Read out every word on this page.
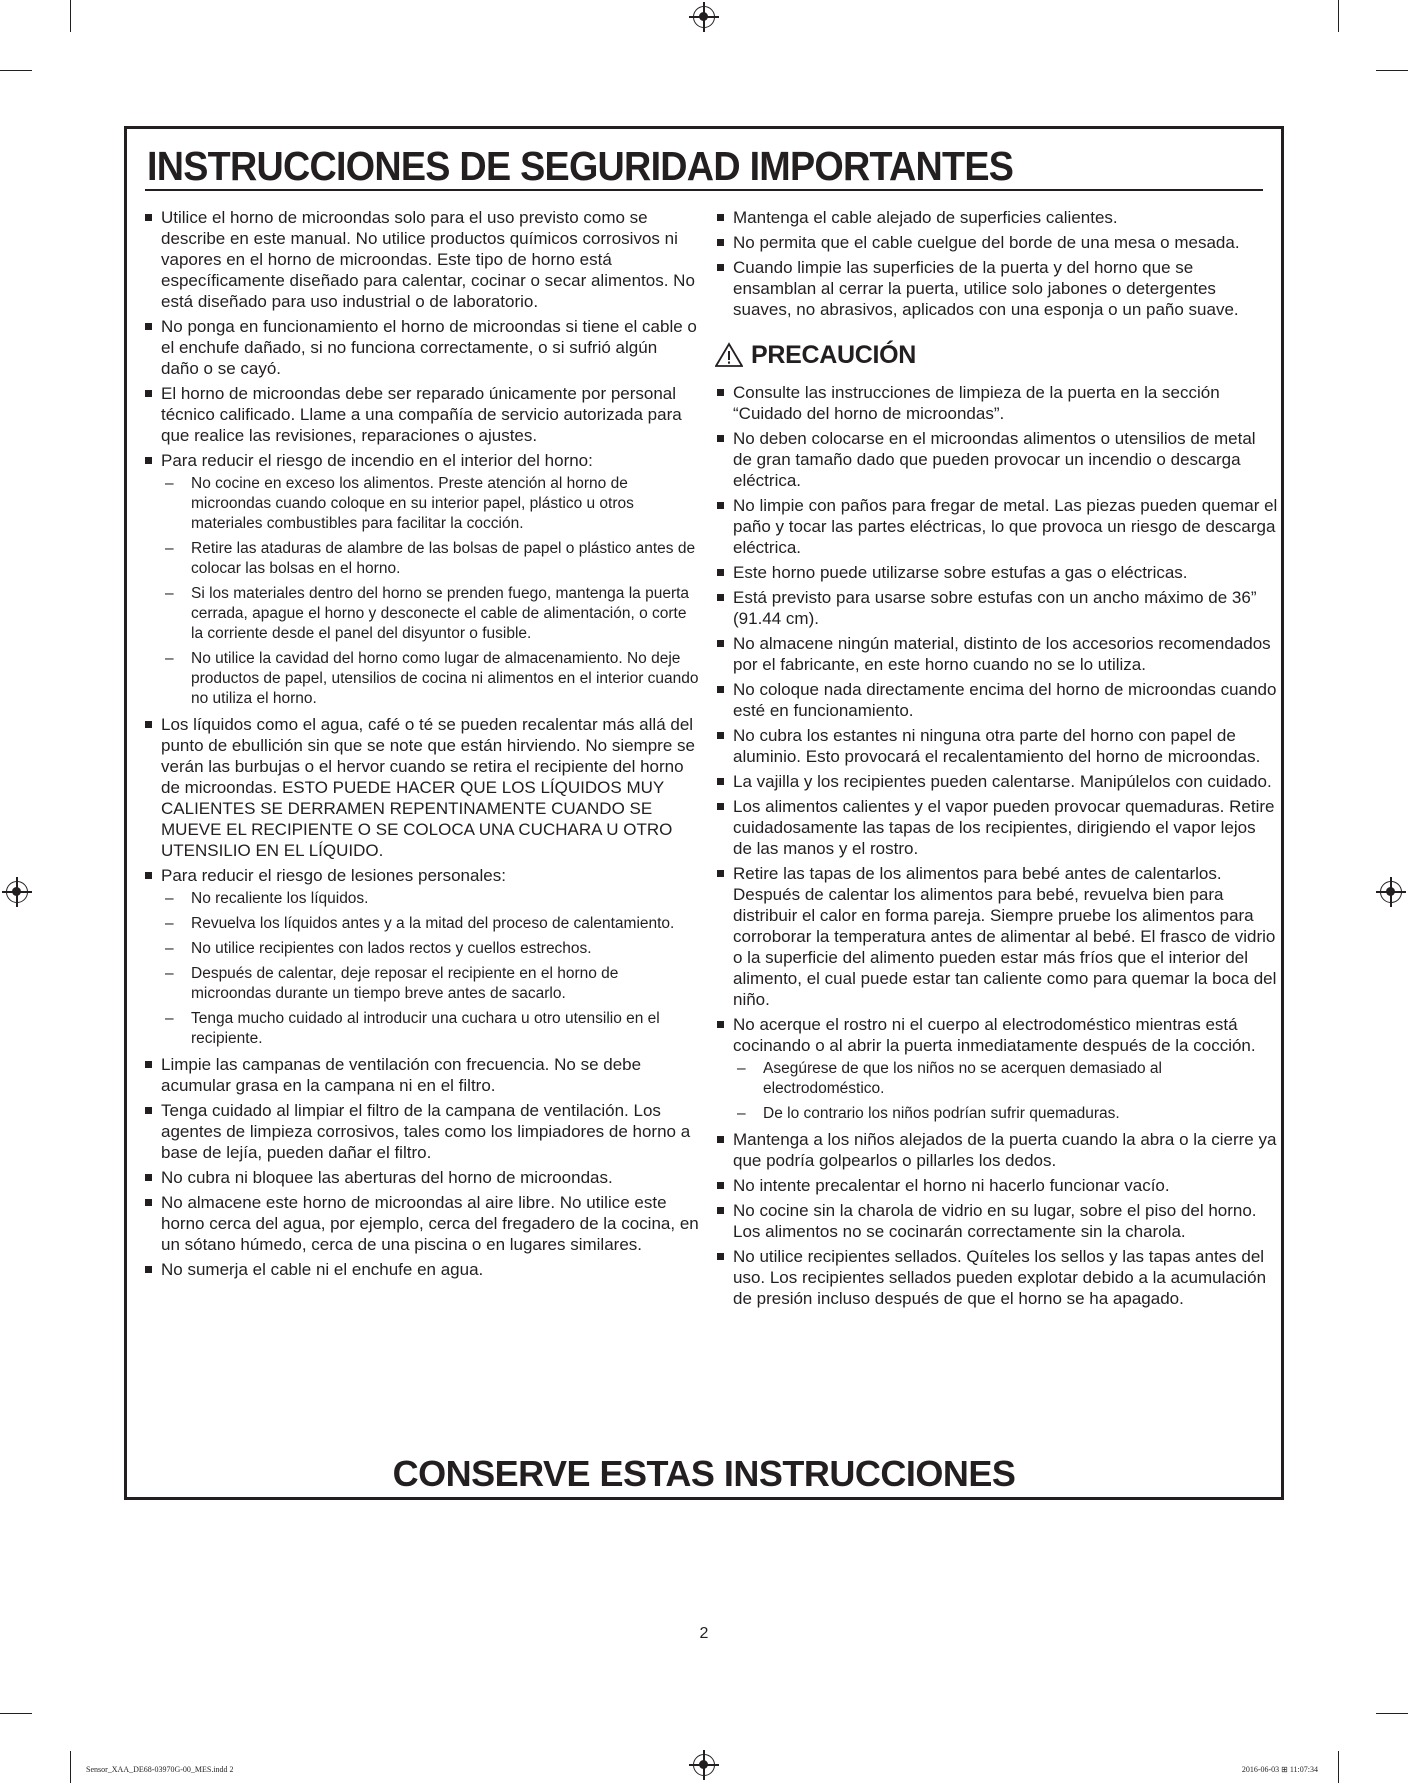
INSTRUCCIONES DE SEGURIDAD IMPORTANTES
Utilice el horno de microondas solo para el uso previsto como se describe en este manual. No utilice productos químicos corrosivos ni vapores en el horno de microondas. Este tipo de horno está específicamente diseñado para calentar, cocinar o secar alimentos. No está diseñado para uso industrial o de laboratorio.
No ponga en funcionamiento el horno de microondas si tiene el cable o el enchufe dañado, si no funciona correctamente, o si sufrió algún daño o se cayó.
El horno de microondas debe ser reparado únicamente por personal técnico calificado. Llame a una compañía de servicio autorizada para que realice las revisiones, reparaciones o ajustes.
Para reducir el riesgo de incendio en el interior del horno:
– No cocine en exceso los alimentos. Preste atención al horno de microondas cuando coloque en su interior papel, plástico u otros materiales combustibles para facilitar la cocción.
– Retire las ataduras de alambre de las bolsas de papel o plástico antes de colocar las bolsas en el horno.
– Si los materiales dentro del horno se prenden fuego, mantenga la puerta cerrada, apague el horno y desconecte el cable de alimentación, o corte la corriente desde el panel del disyuntor o fusible.
– No utilice la cavidad del horno como lugar de almacenamiento. No deje productos de papel, utensilios de cocina ni alimentos en el interior cuando no utiliza el horno.
Los líquidos como el agua, café o té se pueden recalentar más allá del punto de ebullición sin que se note que están hirviendo. No siempre se verán las burbujas o el hervor cuando se retira el recipiente del horno de microondas. ESTO PUEDE HACER QUE LOS LÍQUIDOS MUY CALIENTES SE DERRAMEN REPENTINAMENTE CUANDO SE MUEVE EL RECIPIENTE O SE COLOCA UNA CUCHARA U OTRO UTENSILIO EN EL LÍQUIDO.
Para reducir el riesgo de lesiones personales:
– No recaliente los líquidos.
– Revuelva los líquidos antes y a la mitad del proceso de calentamiento.
– No utilice recipientes con lados rectos y cuellos estrechos.
– Después de calentar, deje reposar el recipiente en el horno de microondas durante un tiempo breve antes de sacarlo.
– Tenga mucho cuidado al introducir una cuchara u otro utensilio en el recipiente.
Limpie las campanas de ventilación con frecuencia. No se debe acumular grasa en la campana ni en el filtro.
Tenga cuidado al limpiar el filtro de la campana de ventilación. Los agentes de limpieza corrosivos, tales como los limpiadores de horno a base de lejía, pueden dañar el filtro.
No cubra ni bloquee las aberturas del horno de microondas.
No almacene este horno de microondas al aire libre. No utilice este horno cerca del agua, por ejemplo, cerca del fregadero de la cocina, en un sótano húmedo, cerca de una piscina o en lugares similares.
No sumerja el cable ni el enchufe en agua.
Mantenga el cable alejado de superficies calientes.
No permita que el cable cuelgue del borde de una mesa o mesada.
Cuando limpie las superficies de la puerta y del horno que se ensamblan al cerrar la puerta, utilice solo jabones o detergentes suaves, no abrasivos, aplicados con una esponja o un paño suave.
PRECAUCIÓN
Consulte las instrucciones de limpieza de la puerta en la sección “Cuidado del horno de microondas”.
No deben colocarse en el microondas alimentos o utensilios de metal de gran tamaño dado que pueden provocar un incendio o descarga eléctrica.
No limpie con paños para fregar de metal. Las piezas pueden quemar el paño y tocar las partes eléctricas, lo que provoca un riesgo de descarga eléctrica.
Este horno puede utilizarse sobre estufas a gas o eléctricas.
Está previsto para usarse sobre estufas con un ancho máximo de 36” (91.44 cm).
No almacene ningún material, distinto de los accesorios recomendados por el fabricante, en este horno cuando no se lo utiliza.
No coloque nada directamente encima del horno de microondas cuando esté en funcionamiento.
No cubra los estantes ni ninguna otra parte del horno con papel de aluminio. Esto provocará el recalentamiento del horno de microondas.
La vajilla y los recipientes pueden calentarse. Manipúlelos con cuidado.
Los alimentos calientes y el vapor pueden provocar quemaduras. Retire cuidadosamente las tapas de los recipientes, dirigiendo el vapor lejos de las manos y el rostro.
Retire las tapas de los alimentos para bebé antes de calentarlos. Después de calentar los alimentos para bebé, revuelva bien para distribuir el calor en forma pareja. Siempre pruebe los alimentos para corroborar la temperatura antes de alimentar al bebé. El frasco de vidrio o la superficie del alimento pueden estar más fríos que el interior del alimento, el cual puede estar tan caliente como para quemar la boca del niño.
No acerque el rostro ni el cuerpo al electrodoméstico mientras está cocinando o al abrir la puerta inmediatamente después de la cocción.
– Asegúrese de que los niños no se acerquen demasiado al electrodoméstico.
– De lo contrario los niños podrían sufrir quemaduras.
Mantenga a los niños alejados de la puerta cuando la abra o la cierre ya que podría golpearlos o pillarles los dedos.
No intente precalentar el horno ni hacerlo funcionar vacío.
No cocine sin la charola de vidrio en su lugar, sobre el piso del horno. Los alimentos no se cocinarán correctamente sin la charola.
No utilice recipientes sellados. Quíteles los sellos y las tapas antes del uso. Los recipientes sellados pueden explotar debido a la acumulación de presión incluso después de que el horno se ha apagado.
CONSERVE ESTAS INSTRUCCIONES
2
Sensor_XAA_DE68-03970G-00_MES.indd 2	2016-06-03 ⊞ 11:07:34
